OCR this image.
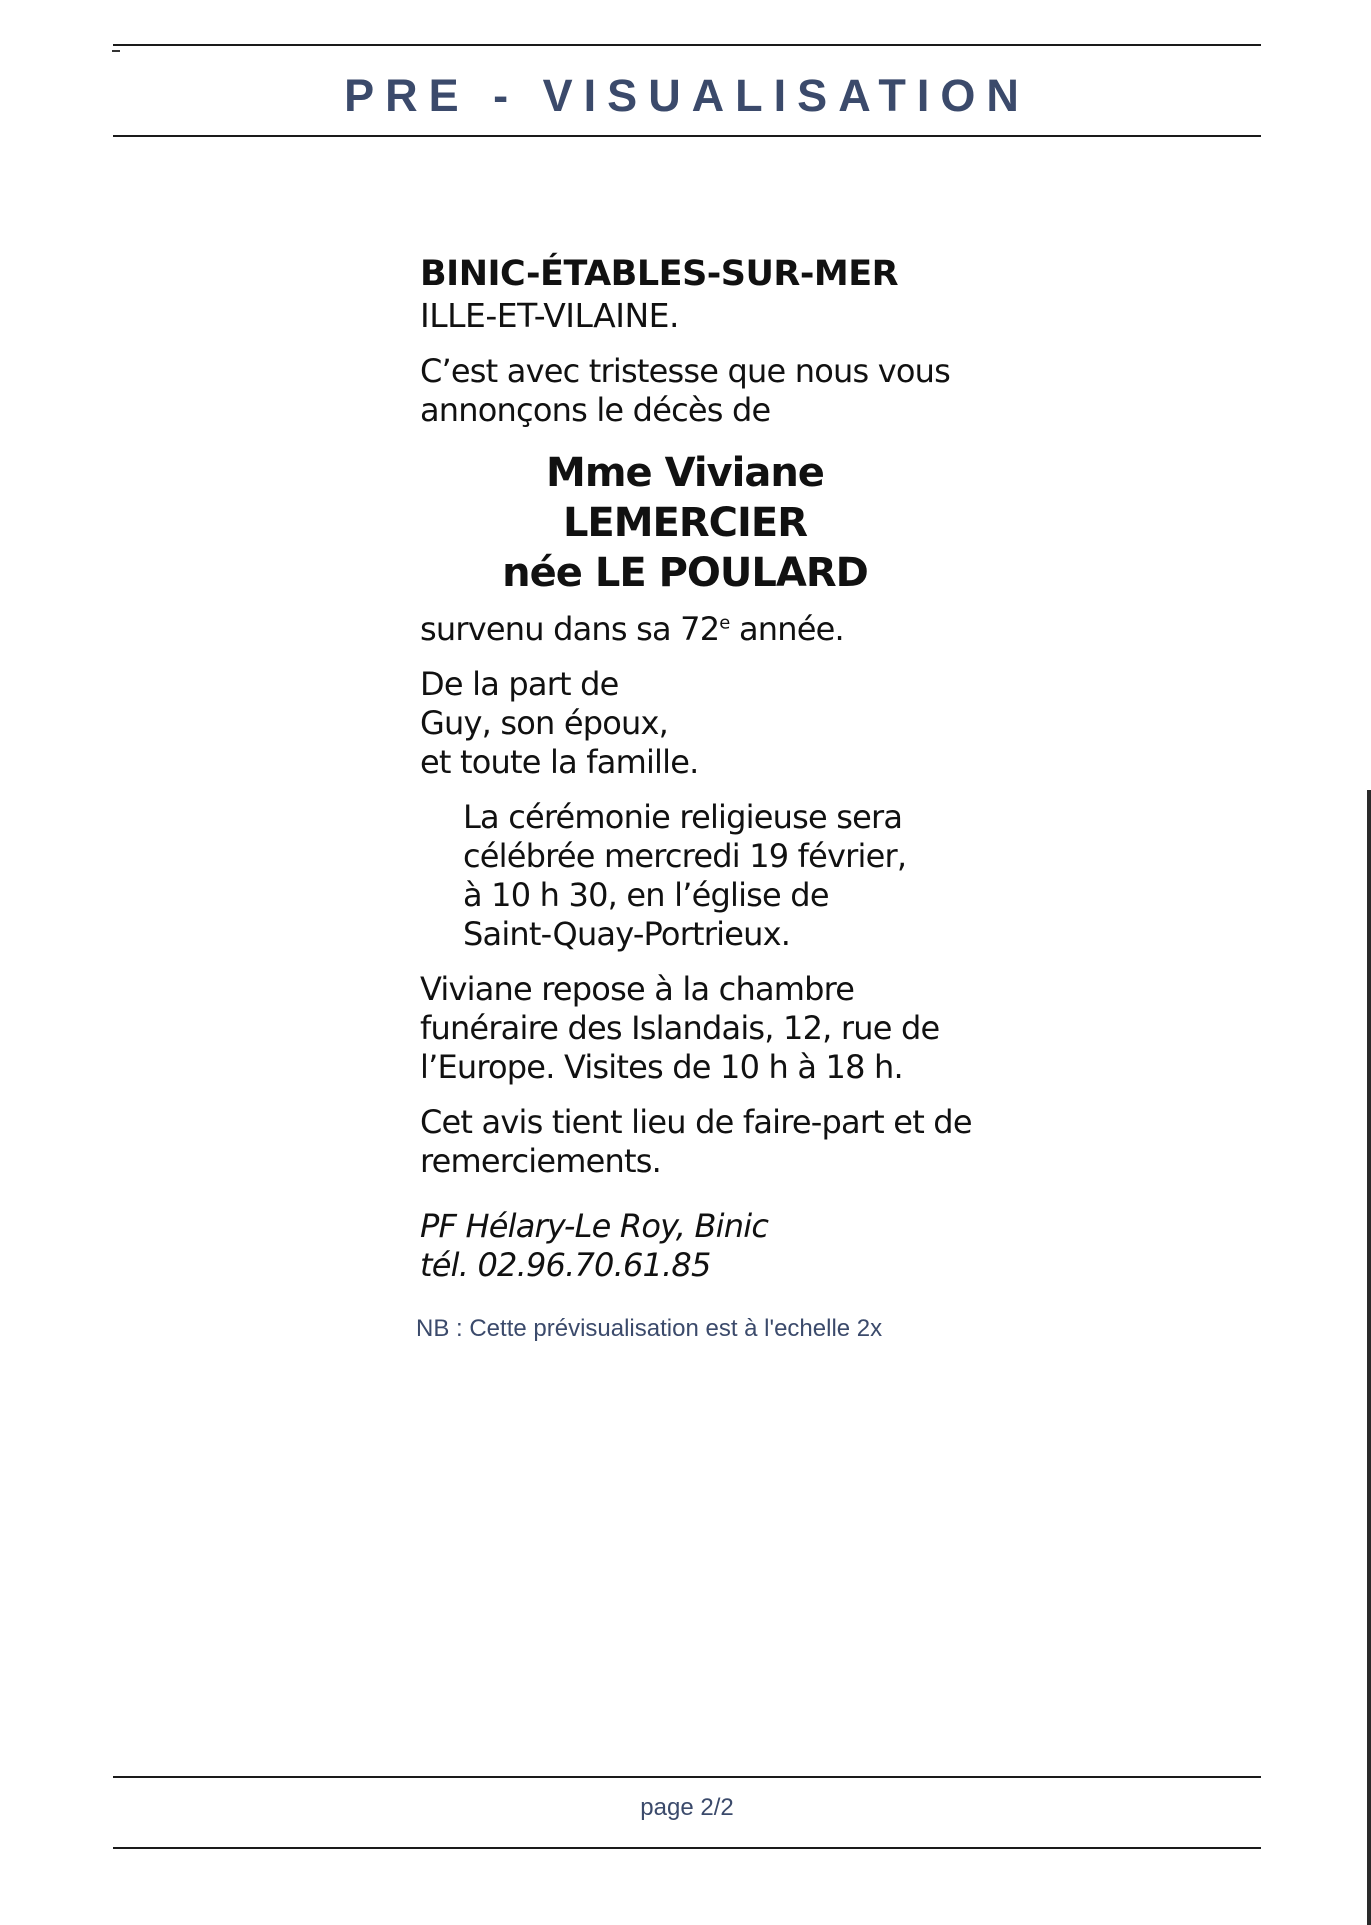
PRE - VISUALISATION

BINIC-ÉTABLES-SUR-MER

ILLE-ET-VILAINE.

C’est avec tristesse que nous vous

annonçons le décès de

Mme Viviane LEMERCIER

née LE POULARD

survenu dans sa 72e année.

De la part de

Guy, son époux,

et toute la famille.

La cérémonie religieuse sera

célébrée mercredi 19 février,

à 10 h 30, en l’église de

Saint-Quay-Portrieux.

Viviane repose à la chambre

funéraire des Islandais, 12, rue de

l’Europe. Visites de 10 h à 18 h.

Cet avis tient lieu de faire-part et de

remerciements.

PF Hélary-Le Roy, Binic

tél. 02.96.70.61.85

NB : Cette prévisualisation est à l'echelle 2x
page 2/2
